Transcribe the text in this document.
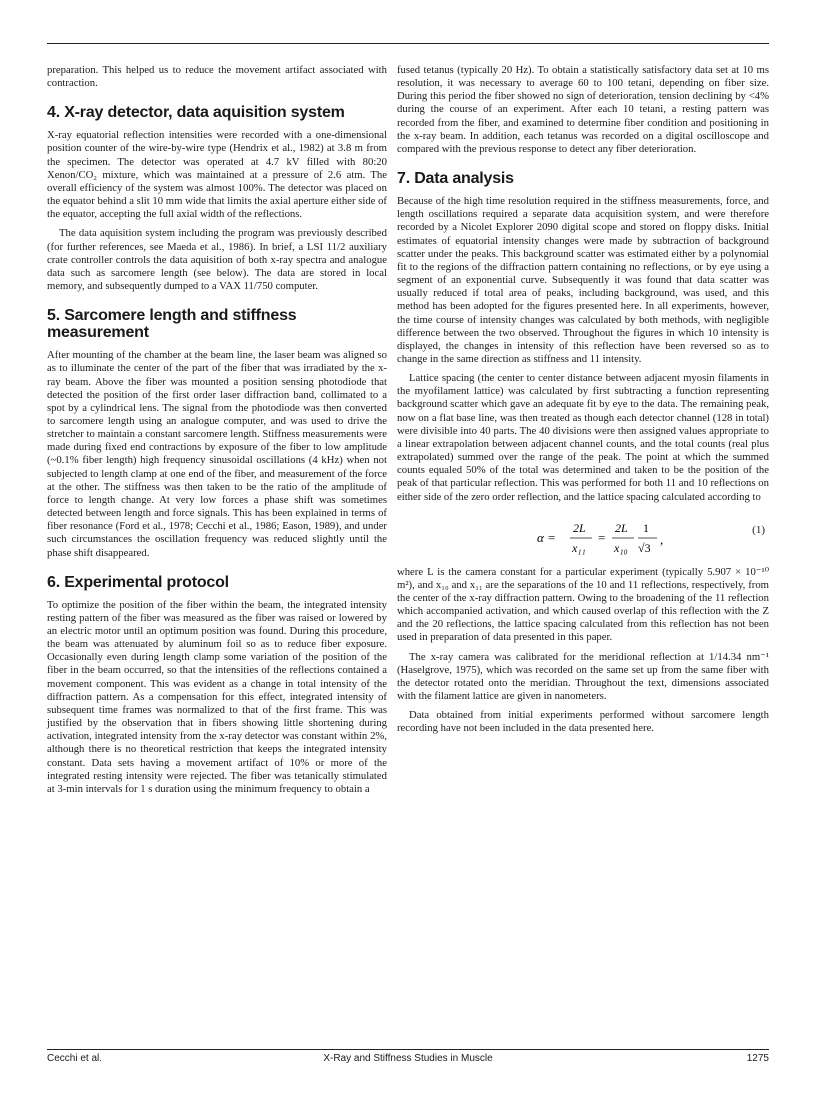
preparation. This helped us to reduce the movement artifact associated with contraction.

4. X-ray detector, data aquisition system

X-ray equatorial reflection intensities were recorded with a one-dimensional position counter of the wire-by-wire type (Hendrix et al., 1982) at 3.8 m from the specimen. The detector was operated at 4.7 kV filled with 80:20 Xenon/CO₂ mixture, which was maintained at a pressure of 2.6 atm. The overall efficiency of the system was almost 100%. The detector was placed on the equator behind a slit 10 mm wide that limits the axial aperture either side of the equator, accepting the full axial width of the reflections.

The data aquisition system including the program was previously described (for further references, see Maeda et al., 1986). In brief, a LSI 11/2 auxiliary crate controller controls the data aquisition of both x-ray spectra and analogue data such as sarcomere length (see below). The data are stored in local memory, and subsequently dumped to a VAX 11/750 computer.

5. Sarcomere length and stiffness measurement

After mounting of the chamber at the beam line, the laser beam was aligned so as to illuminate the center of the part of the fiber that was irradiated by the x-ray beam. Above the fiber was mounted a position sensing photodiode that detected the position of the first order laser diffraction band, collimated to a spot by a cylindrical lens. The signal from the photodiode was then converted to sarcomere length using an analogue computer, and was used to drive the stretcher to maintain a constant sarcomere length. Stiffness measurements were made during fixed end contractions by exposure of the fiber to low amplitude (~0.1% fiber length) high frequency sinusoidal oscillations (4 kHz) when not subjected to length clamp at one end of the fiber, and measurement of the force at the other. The stiffness was then taken to be the ratio of the amplitude of force to length change. At very low forces a phase shift was sometimes detected between length and force signals. This has been explained in terms of fiber resonance (Ford et al., 1978; Cecchi et al., 1986; Eason, 1989), and under such circumstances the oscillation frequency was reduced slightly until the phase shift disappeared.

6. Experimental protocol

To optimize the position of the fiber within the beam, the integrated intensity resting pattern of the fiber was measured as the fiber was raised or lowered by an electric motor until an optimum position was found. During this procedure, the beam was attenuated by aluminum foil so as to reduce fiber exposure. Occasionally even during length clamp some variation of the position of the fiber in the beam occurred, so that the intensities of the reflections contained a movement component. This was evident as a change in total intensity of the diffraction pattern. As a compensation for this effect, integrated intensity of subsequent time frames was normalized to that of the first frame. This was justified by the observation that in fibers showing little shortening during activation, integrated intensity from the x-ray detector was constant within 2%, although there is no theoretical restriction that keeps the integrated intensity constant. Data sets having a movement artifact of 10% or more of the integrated resting intensity were rejected. The fiber was tetanically stimulated at 3-min intervals for 1 s duration using the minimum frequency to obtain a

fused tetanus (typically 20 Hz). To obtain a statistically satisfactory data set at 10 ms resolution, it was necessary to average 60 to 100 tetani, depending on fiber size. During this period the fiber showed no sign of deterioration, tension declining by <4% during the course of an experiment. After each 10 tetani, a resting pattern was recorded from the fiber, and examined to determine fiber condition and positioning in the x-ray beam. In addition, each tetanus was recorded on a digital oscilloscope and compared with the previous response to detect any fiber deterioration.

7. Data analysis

Because of the high time resolution required in the stiffness measurements, force, and length oscillations required a separate data acquisition system, and were therefore recorded by a Nicolet Explorer 2090 digital scope and stored on floppy disks. Initial estimates of equatorial intensity changes were made by subtraction of background scatter under the peaks. This background scatter was estimated either by a polynomial fit to the regions of the diffraction pattern containing no reflections, or by eye using a segment of an exponential curve. Subsequently it was found that data scatter was usually reduced if total area of peaks, including background, was used, and this method has been adopted for the figures presented here. In all experiments, however, the time course of intensity changes was calculated by both methods, with negligible difference between the two observed. Throughout the figures in which 10 intensity is displayed, the changes in intensity of this reflection have been reversed so as to change in the same direction as stiffness and 11 intensity.

Lattice spacing (the center to center distance between adjacent myosin filaments in the myofilament lattice) was calculated by first subtracting a function representing background scatter which gave an adequate fit by eye to the data. The remaining peak, now on a flat base line, was then treated as though each detector channel (128 in total) were divisible into 40 parts. The 40 divisions were then assigned values appropriate to a linear extrapolation between adjacent channel counts, and the total counts (real plus extrapolated) summed over the range of the peak. The point at which the summed counts equaled 50% of the total was determined and taken to be the position of the peak of that particular reflection. This was performed for both 11 and 10 reflections on either side of the zero order reflection, and the lattice spacing calculated according to

α =
2L
x₁₁
=
2L
x₁₀
1
√3
,
(1)

where L is the camera constant for a particular experiment (typically 5.907 × 10⁻¹⁰ m²), and x₁₀ and x₁₁ are the separations of the 10 and 11 reflections, respectively, from the center of the x-ray diffraction pattern. Owing to the broadening of the 11 reflection which accompanied activation, and which caused overlap of this reflection with the Z and the 20 reflections, the lattice spacing calculated from this reflection has not been used in preparation of data presented in this paper.

The x-ray camera was calibrated for the meridional reflection at 1/14.34 nm⁻¹ (Haselgrove, 1975), which was recorded on the same set up from the same fiber with the detector rotated onto the meridian. Throughout the text, dimensions associated with the filament lattice are given in nanometers.

Data obtained from initial experiments performed without sarcomere length recording have not been included in the data presented here.

Cecchi et al.	X-Ray and Stiffness Studies in Muscle	1275
